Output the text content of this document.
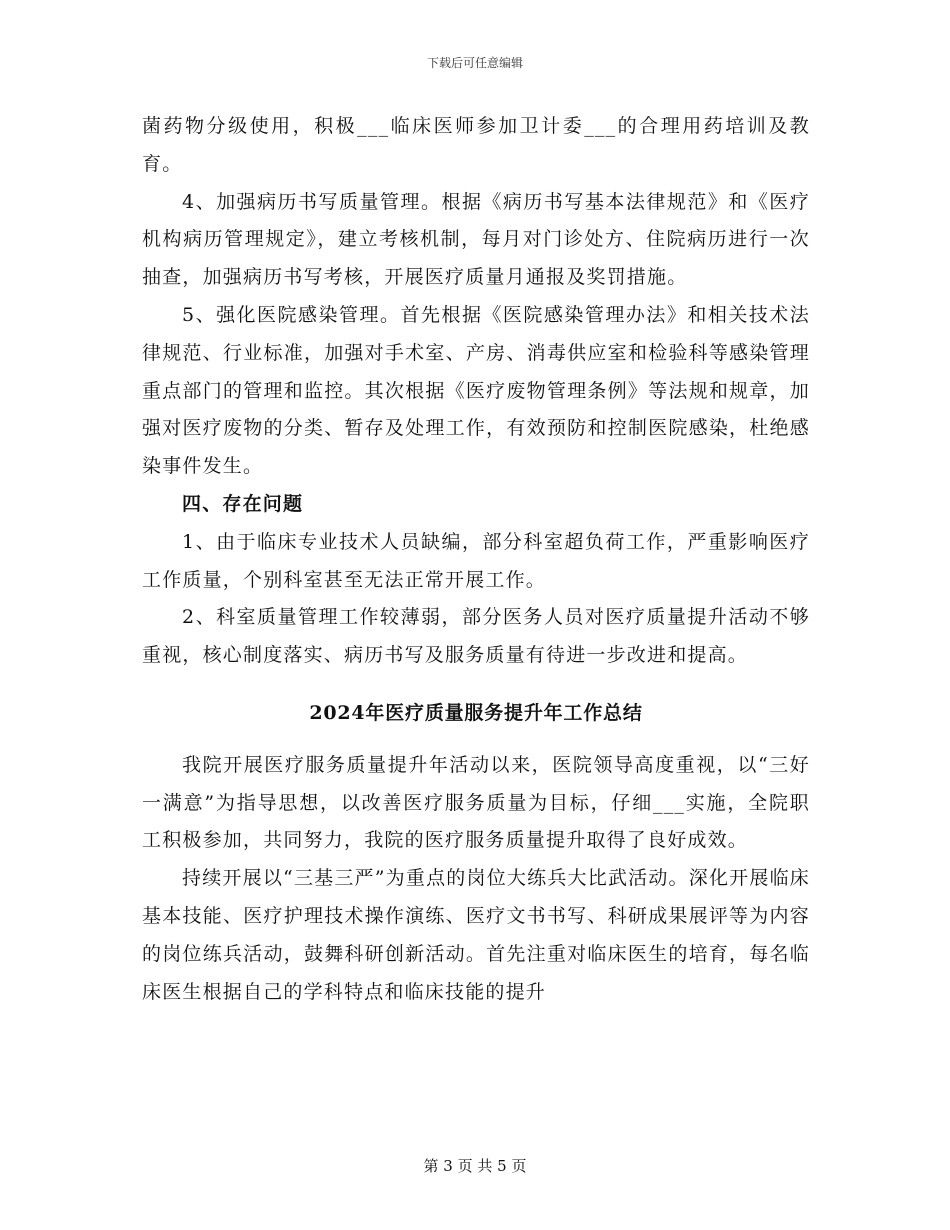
下载后可任意编辑

菌药物分级使用，积极___临床医师参加卫计委___的合理用药培训及教育。

4、加强病历书写质量管理。根据《病历书写基本法律规范》和《医疗机构病历管理规定》，建立考核机制，每月对门诊处方、住院病历进行一次抽查，加强病历书写考核，开展医疗质量月通报及奖罚措施。

5、强化医院感染管理。首先根据《医院感染管理办法》和相关技术法律规范、行业标准，加强对手术室、产房、消毒供应室和检验科等感染管理重点部门的管理和监控。其次根据《医疗废物管理条例》等法规和规章，加强对医疗废物的分类、暂存及处理工作，有效预防和控制医院感染，杜绝感染事件发生。

四、存在问题

1、由于临床专业技术人员缺编，部分科室超负荷工作，严重影响医疗工作质量，个别科室甚至无法正常开展工作。

2、科室质量管理工作较薄弱，部分医务人员对医疗质量提升活动不够重视，核心制度落实、病历书写及服务质量有待进一步改进和提高。

2024年医疗质量服务提升年工作总结

我院开展医疗服务质量提升年活动以来，医院领导高度重视，以“三好一满意”为指导思想，以改善医疗服务质量为目标，仔细___实施，全院职工积极参加，共同努力，我院的医疗服务质量提升取得了良好成效。

持续开展以“三基三严”为重点的岗位大练兵大比武活动。深化开展临床基本技能、医疗护理技术操作演练、医疗文书书写、科研成果展评等为内容的岗位练兵活动，鼓舞科研创新活动。首先注重对临床医生的培育，每名临床医生根据自己的学科特点和临床技能的提升

第 3 页 共 5 页
